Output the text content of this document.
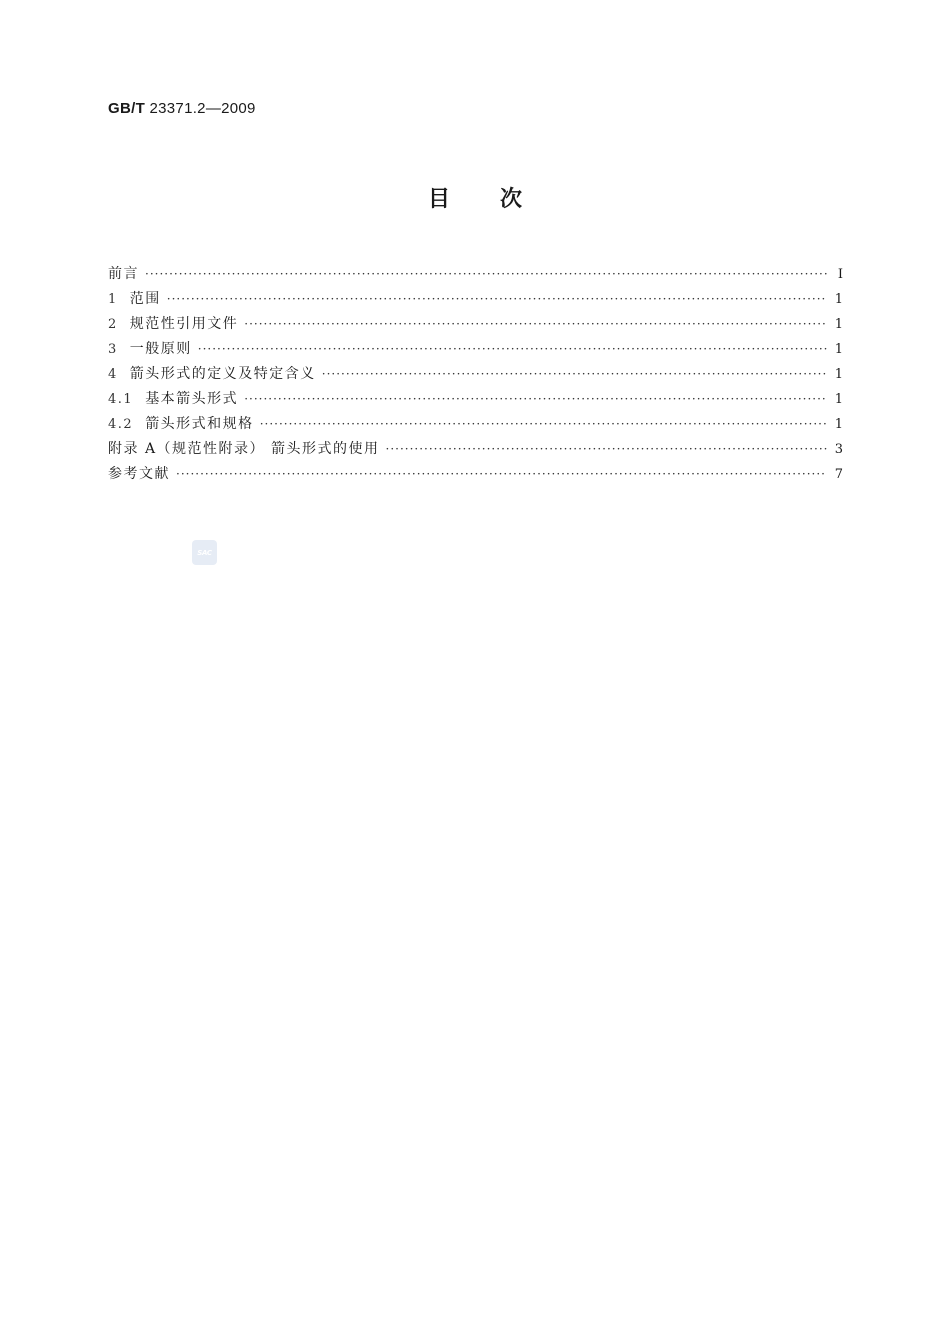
GB/T 23371.2—2009
目次
前言 ·····	I
1 范围 ·····	1
2 规范性引用文件 ·····	1
3 一般原则 ·····	1
4 箭头形式的定义及特定含义 ·····	1
4.1 基本箭头形式 ·····	1
4.2 箭头形式和规格 ·····	1
附录 A（规范性附录） 箭头形式的使用 ·····	3
参考文献 ·····	7
SAC
